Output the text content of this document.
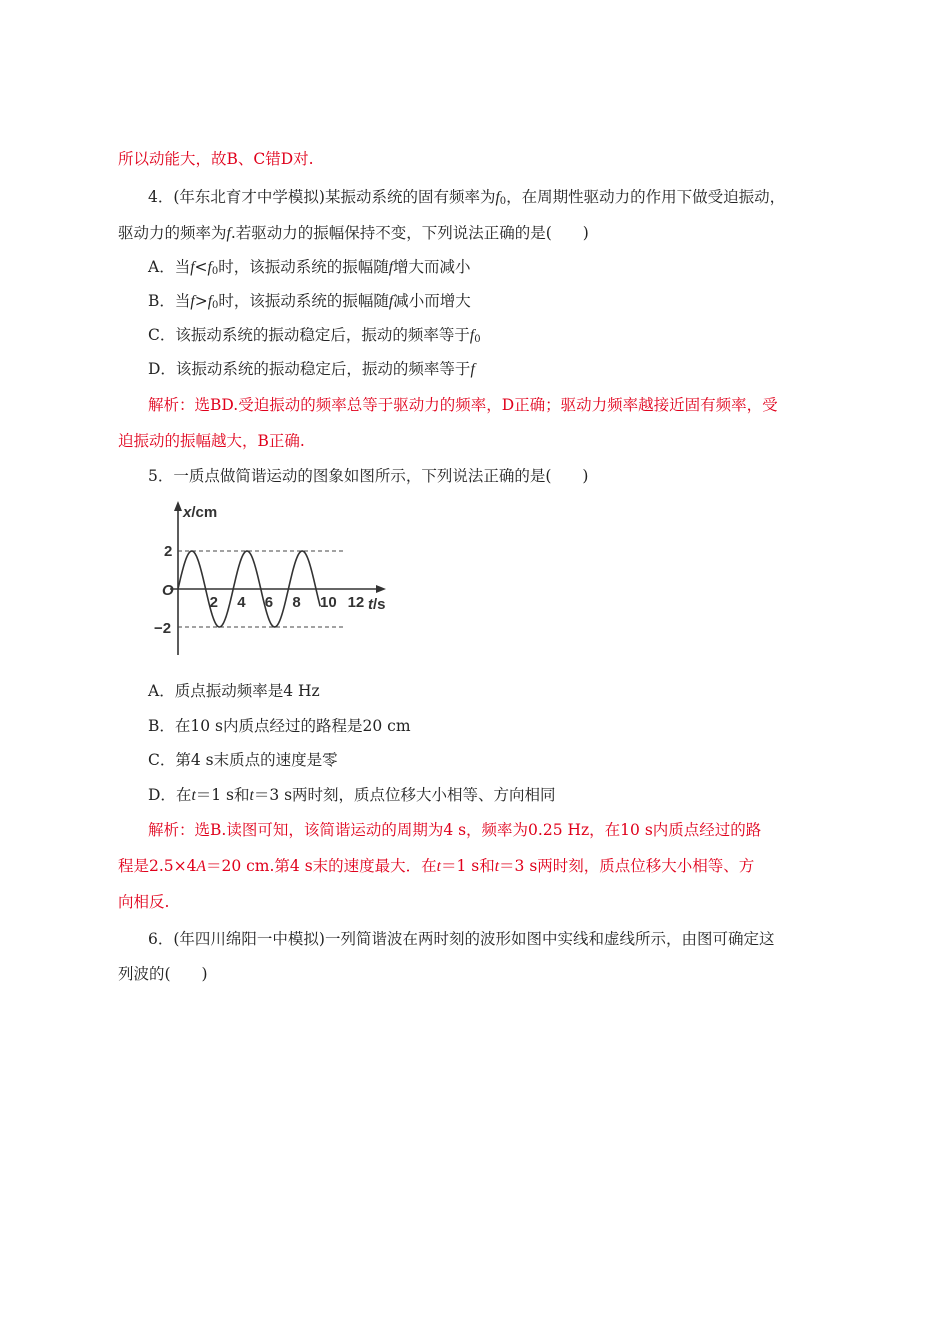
所以动能大，故B、C错D对.
4．(年东北育才中学模拟)某振动系统的固有频率为$f_0$，在周期性驱动力的作用下做受迫振动，
驱动力的频率为f.若驱动力的振幅保持不变，下列说法正确的是(　　)
A．当$f<f_0$时，该振动系统的振幅随f增大而减小
B．当$f>f_0$时，该振动系统的振幅随f减小而增大
C．该振动系统的振动稳定后，振动的频率等于$f_0$
D．该振动系统的振动稳定后，振动的频率等于f
解析：选BD.受迫振动的频率总等于驱动力的频率，D正确；驱动力频率越接近固有频率，受
迫振动的振幅越大，B正确.
5．一质点做简谐运动的图象如图所示，下列说法正确的是(　　)
x/cm
t/s
O
2
−2
2 4 6 8 10 12
A．质点振动频率是4 Hz
B．在10 s内质点经过的路程是20 cm
C．第4 s末质点的速度是零
D．在t＝1 s和t＝3 s两时刻，质点位移大小相等、方向相同
解析：选B.读图可知，该简谐运动的周期为4 s，频率为0.25 Hz，在10 s内质点经过的路
程是2.5×4A＝20 cm.第4 s末的速度最大．在t＝1 s和t＝3 s两时刻，质点位移大小相等、方
向相反.
6．(年四川绵阳一中模拟)一列简谐波在两时刻的波形如图中实线和虚线所示，由图可确定这
列波的(　　)
